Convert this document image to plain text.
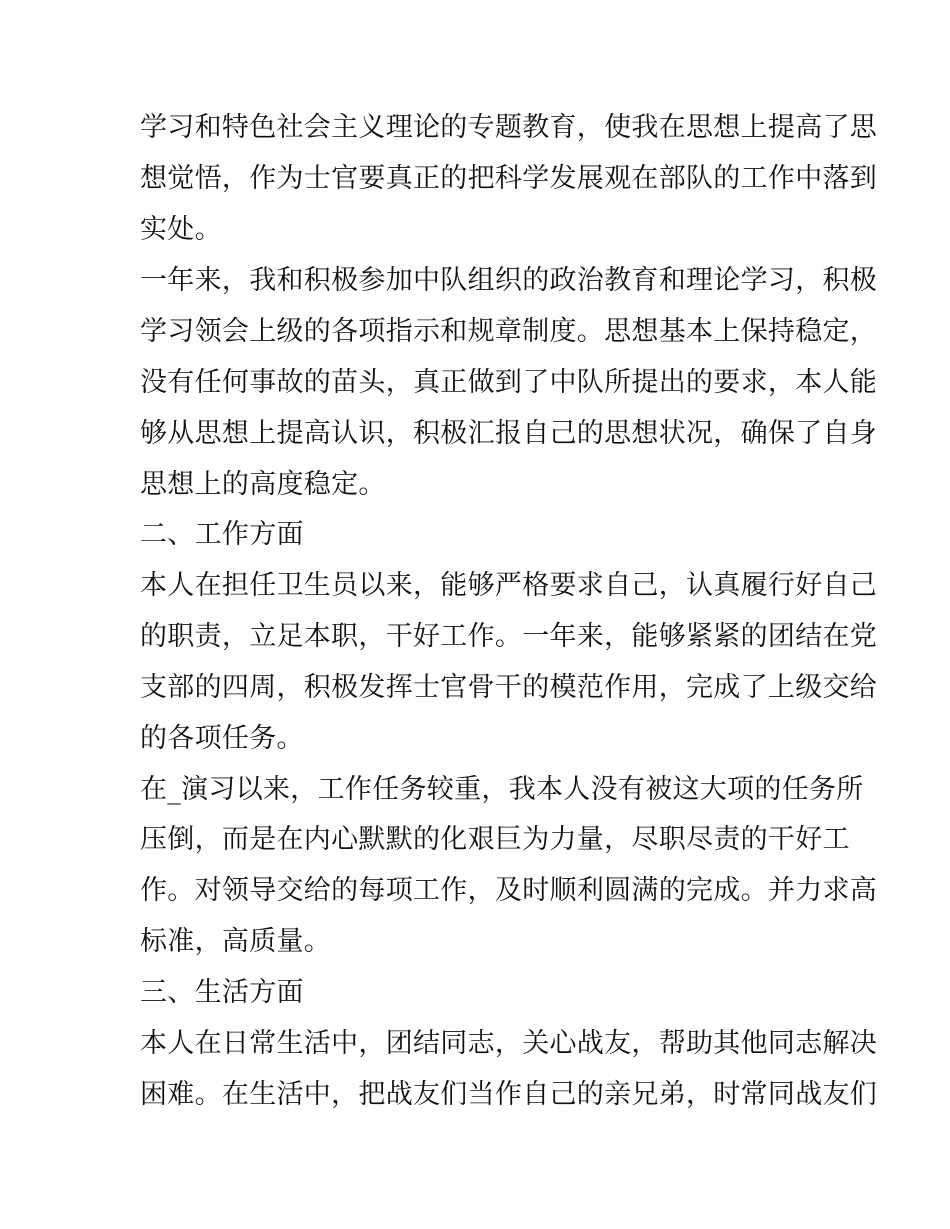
学习和特色社会主义理论的专题教育，使我在思想上提高了思

想觉悟，作为士官要真正的把科学发展观在部队的工作中落到

实处。

一年来，我和积极参加中队组织的政治教育和理论学习，积极

学习领会上级的各项指示和规章制度。思想基本上保持稳定，

没有任何事故的苗头，真正做到了中队所提出的要求，本人能

够从思想上提高认识，积极汇报自己的思想状况，确保了自身

思想上的高度稳定。

二、工作方面

本人在担任卫生员以来，能够严格要求自己，认真履行好自己

的职责，立足本职，干好工作。一年来，能够紧紧的团结在党

支部的四周，积极发挥士官骨干的模范作用，完成了上级交给

的各项任务。

在_演习以来，工作任务较重，我本人没有被这大项的任务所

压倒，而是在内心默默的化艰巨为力量，尽职尽责的干好工

作。对领导交给的每项工作，及时顺利圆满的完成。并力求高

标准，高质量。

三、生活方面

本人在日常生活中，团结同志，关心战友，帮助其他同志解决

困难。在生活中，把战友们当作自己的亲兄弟，时常同战友们
